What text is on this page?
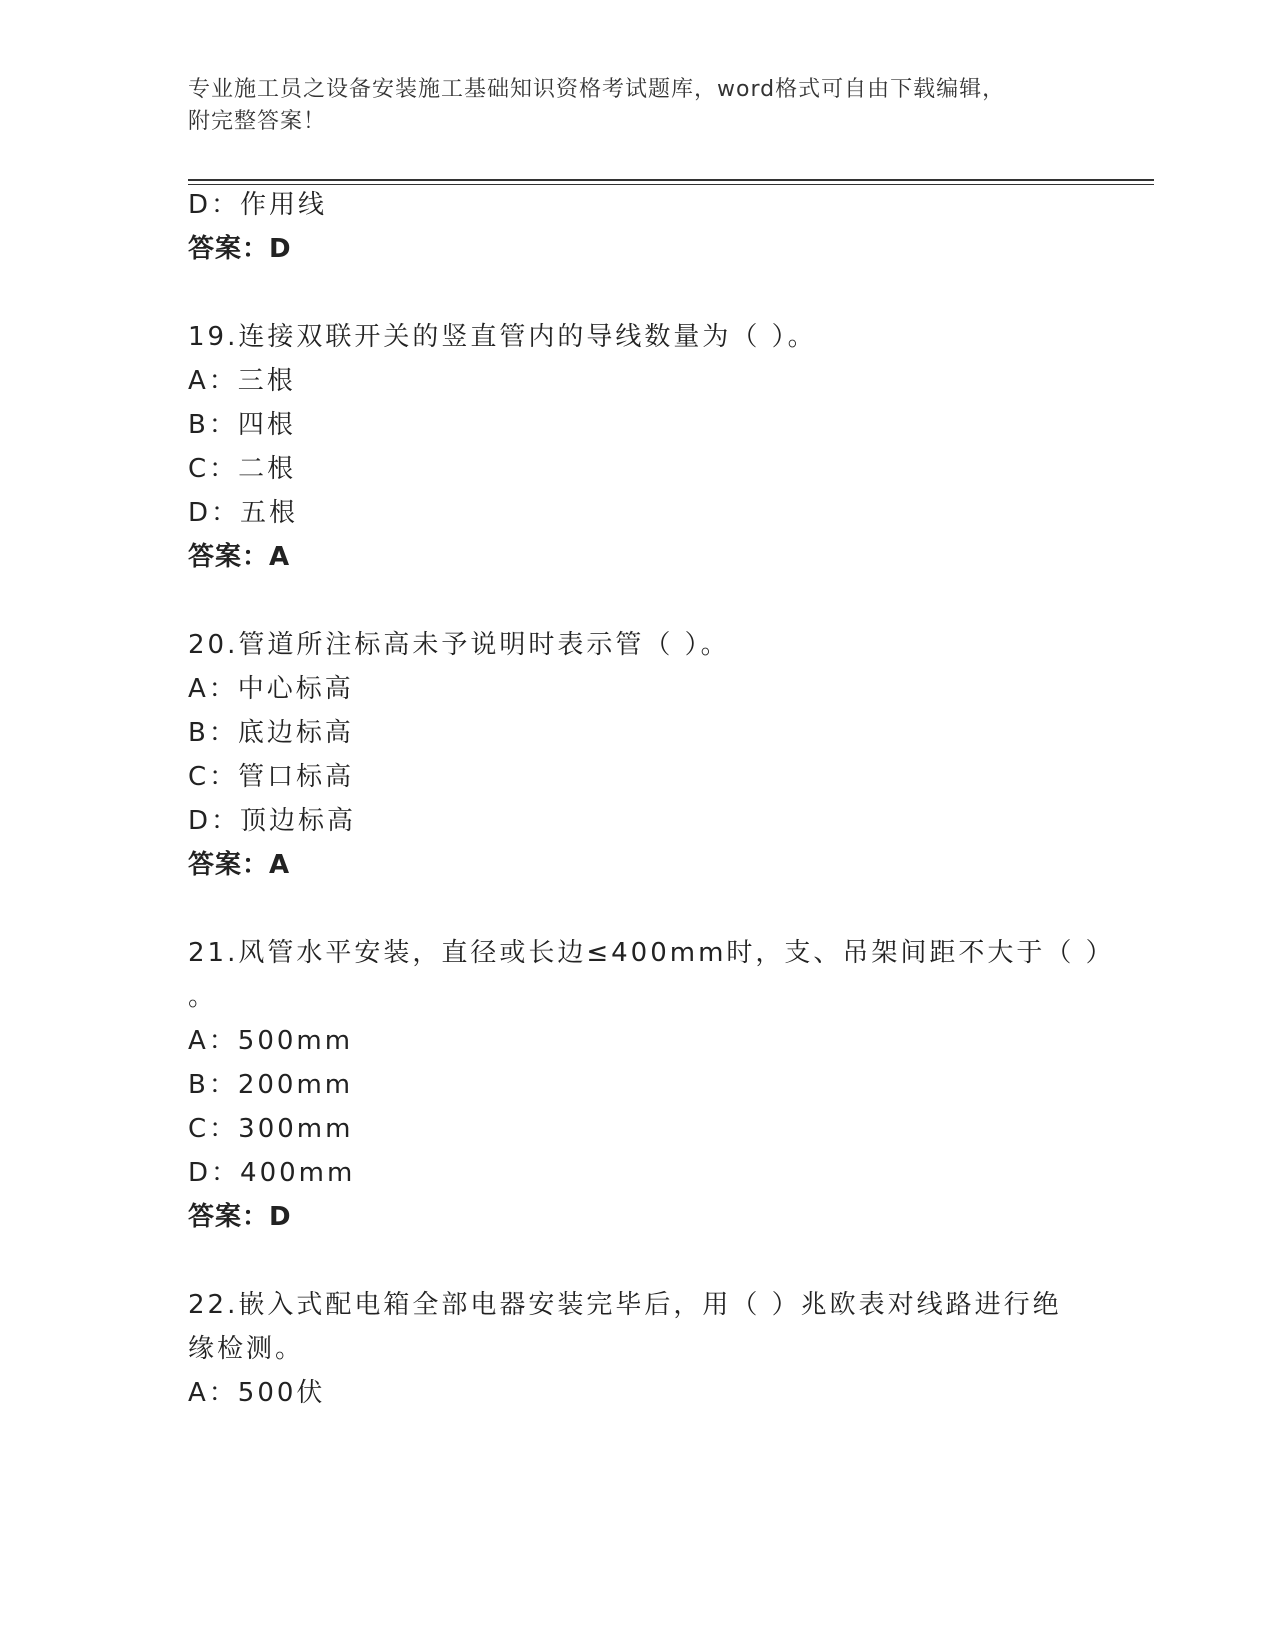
专业施工员之设备安装施工基础知识资格考试题库，word格式可自由下载编辑，
附完整答案！
D：作用线
答案：D
19.连接双联开关的竖直管内的导线数量为（ ）。
A：三根
B：四根
C：二根
D：五根
答案：A
20.管道所注标高未予说明时表示管（ ）。
A：中心标高
B：底边标高
C：管口标高
D：顶边标高
答案：A
21.风管水平安装，直径或长边≤400mm时，支、吊架间距不大于（ ）
。
A：500mm
B：200mm
C：300mm
D：400mm
答案：D
22.嵌入式配电箱全部电器安装完毕后，用（ ）兆欧表对线路进行绝
缘检测。
A：500伏
